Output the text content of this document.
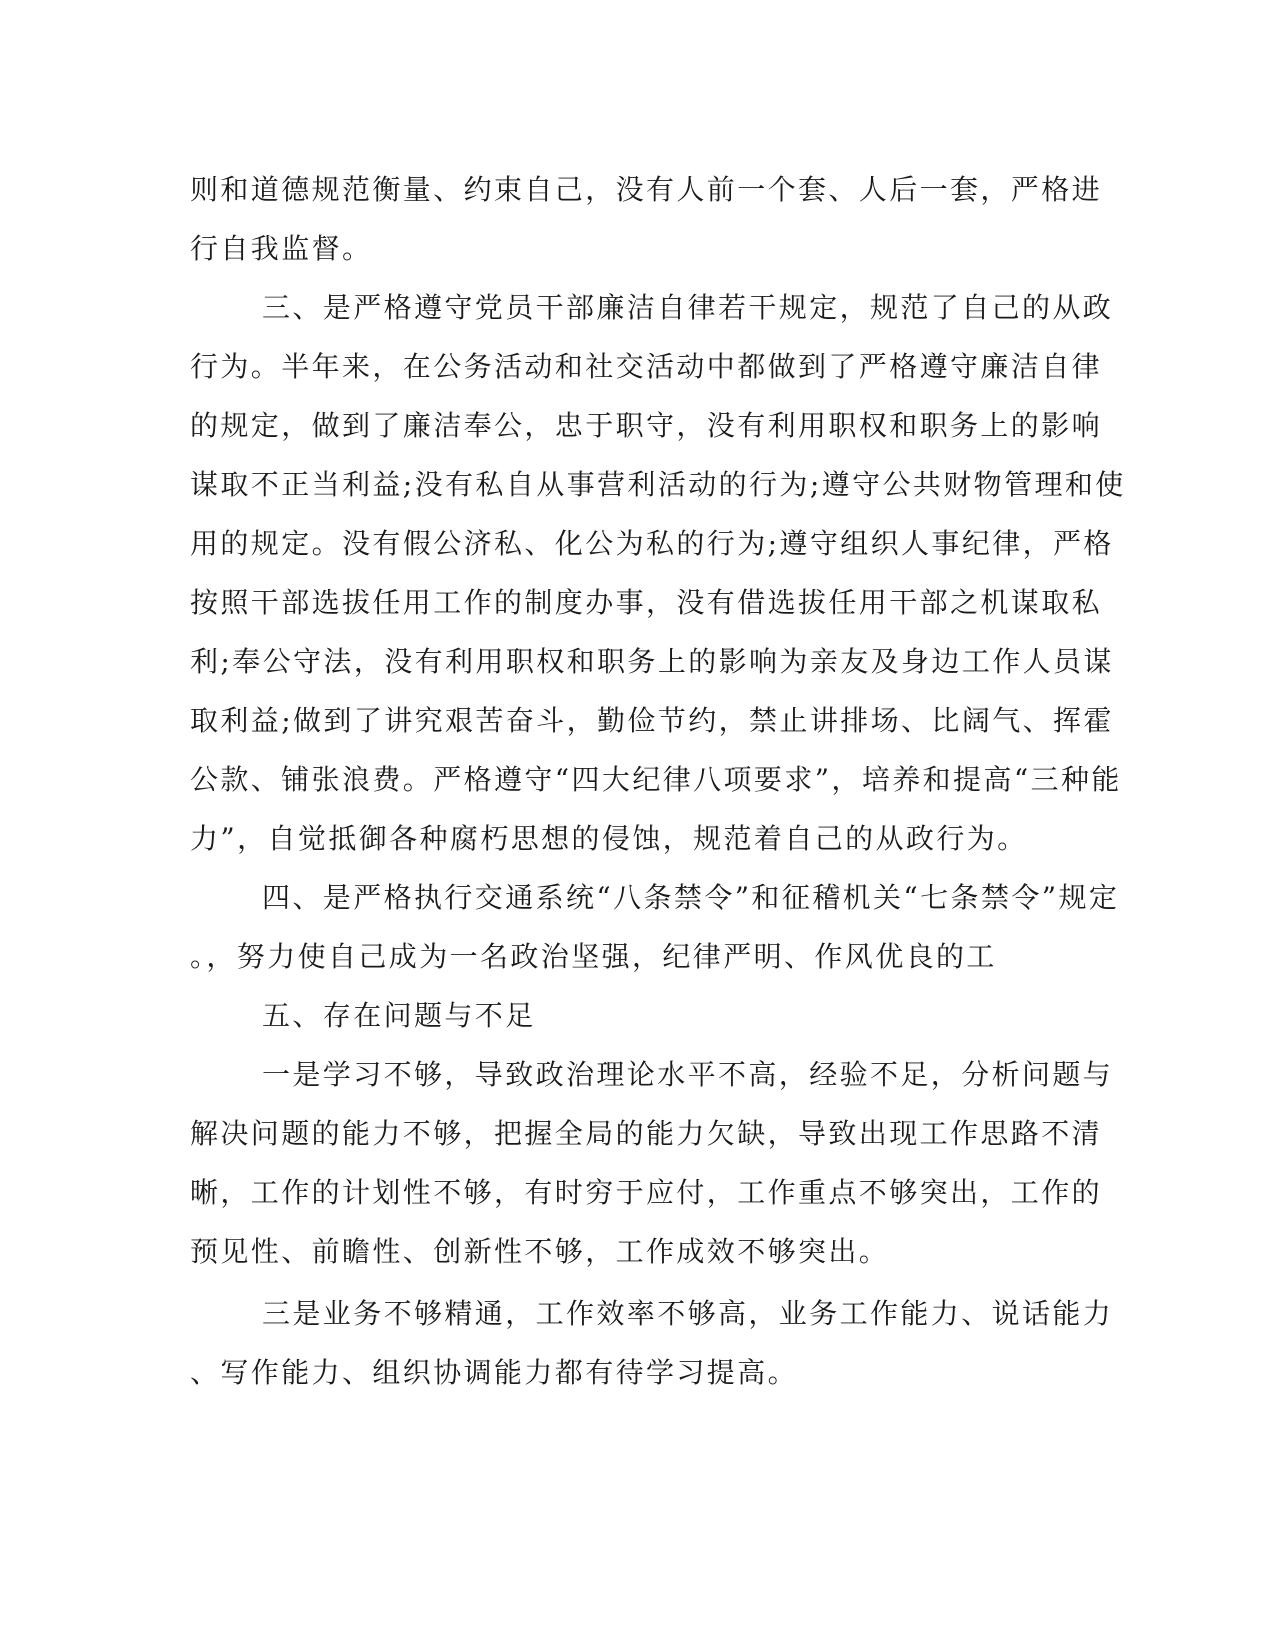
则和道德规范衡量、约束自己，没有人前一个套、人后一套，严格进
行自我监督。
三、是严格遵守党员干部廉洁自律若干规定，规范了自己的从政
行为。半年来，在公务活动和社交活动中都做到了严格遵守廉洁自律
的规定，做到了廉洁奉公，忠于职守，没有利用职权和职务上的影响
谋取不正当利益;没有私自从事营利活动的行为;遵守公共财物管理和使
用的规定。没有假公济私、化公为私的行为;遵守组织人事纪律，严格
按照干部选拔任用工作的制度办事，没有借选拔任用干部之机谋取私
利;奉公守法，没有利用职权和职务上的影响为亲友及身边工作人员谋
取利益;做到了讲究艰苦奋斗，勤俭节约，禁止讲排场、比阔气、挥霍
公款、铺张浪费。严格遵守“四大纪律八项要求”，培养和提高“三种能
力”，自觉抵御各种腐朽思想的侵蚀，规范着自己的从政行为。
四、是严格执行交通系统“八条禁令”和征稽机关“七条禁令”规定
。，努力使自己成为一名政治坚强，纪律严明、作风优良的工
五、存在问题与不足
一是学习不够，导致政治理论水平不高，经验不足，分析问题与
解决问题的能力不够，把握全局的能力欠缺，导致出现工作思路不清
晰，工作的计划性不够，有时穷于应付，工作重点不够突出，工作的
预见性、前瞻性、创新性不够，工作成效不够突出。
三是业务不够精通，工作效率不够高，业务工作能力、说话能力
、写作能力、组织协调能力都有待学习提高。
